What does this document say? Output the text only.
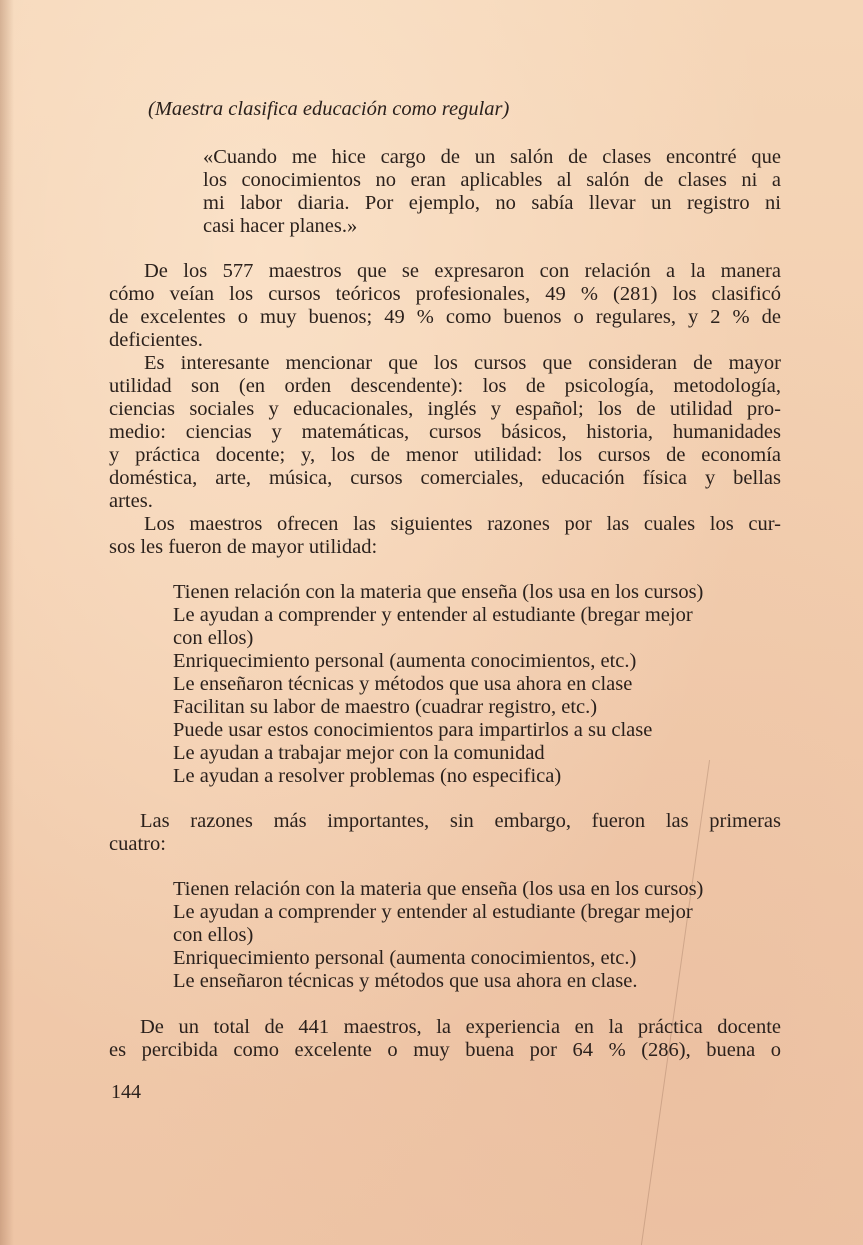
(Maestra clasifica educación como regular)
«Cuando me hice cargo de un salón de clases encontré que
los conocimientos no eran aplicables al salón de clases ni a
mi labor diaria. Por ejemplo, no sabía llevar un registro ni
casi hacer planes.»
De los 577 maestros que se expresaron con relación a la manera
cómo veían los cursos teóricos profesionales, 49 % (281) los clasificó
de excelentes o muy buenos; 49 % como buenos o regulares, y 2 % de
deficientes.
Es interesante mencionar que los cursos que consideran de mayor
utilidad son (en orden descendente): los de psicología, metodología,
ciencias sociales y educacionales, inglés y español; los de utilidad pro-
medio: ciencias y matemáticas, cursos básicos, historia, humanidades
y práctica docente; y, los de menor utilidad: los cursos de economía
doméstica, arte, música, cursos comerciales, educación física y bellas
artes.
Los maestros ofrecen las siguientes razones por las cuales los cur-
sos les fueron de mayor utilidad:
Tienen relación con la materia que enseña (los usa en los cursos)
Le ayudan a comprender y entender al estudiante (bregar mejor
con ellos)
Enriquecimiento personal (aumenta conocimientos, etc.)
Le enseñaron técnicas y métodos que usa ahora en clase
Facilitan su labor de maestro (cuadrar registro, etc.)
Puede usar estos conocimientos para impartirlos a su clase
Le ayudan a trabajar mejor con la comunidad
Le ayudan a resolver problemas (no especifica)
Las razones más importantes, sin embargo, fueron las primeras
cuatro:
Tienen relación con la materia que enseña (los usa en los cursos)
Le ayudan a comprender y entender al estudiante (bregar mejor
con ellos)
Enriquecimiento personal (aumenta conocimientos, etc.)
Le enseñaron técnicas y métodos que usa ahora en clase.
De un total de 441 maestros, la experiencia en la práctica docente
es percibida como excelente o muy buena por 64 % (286), buena o
144
